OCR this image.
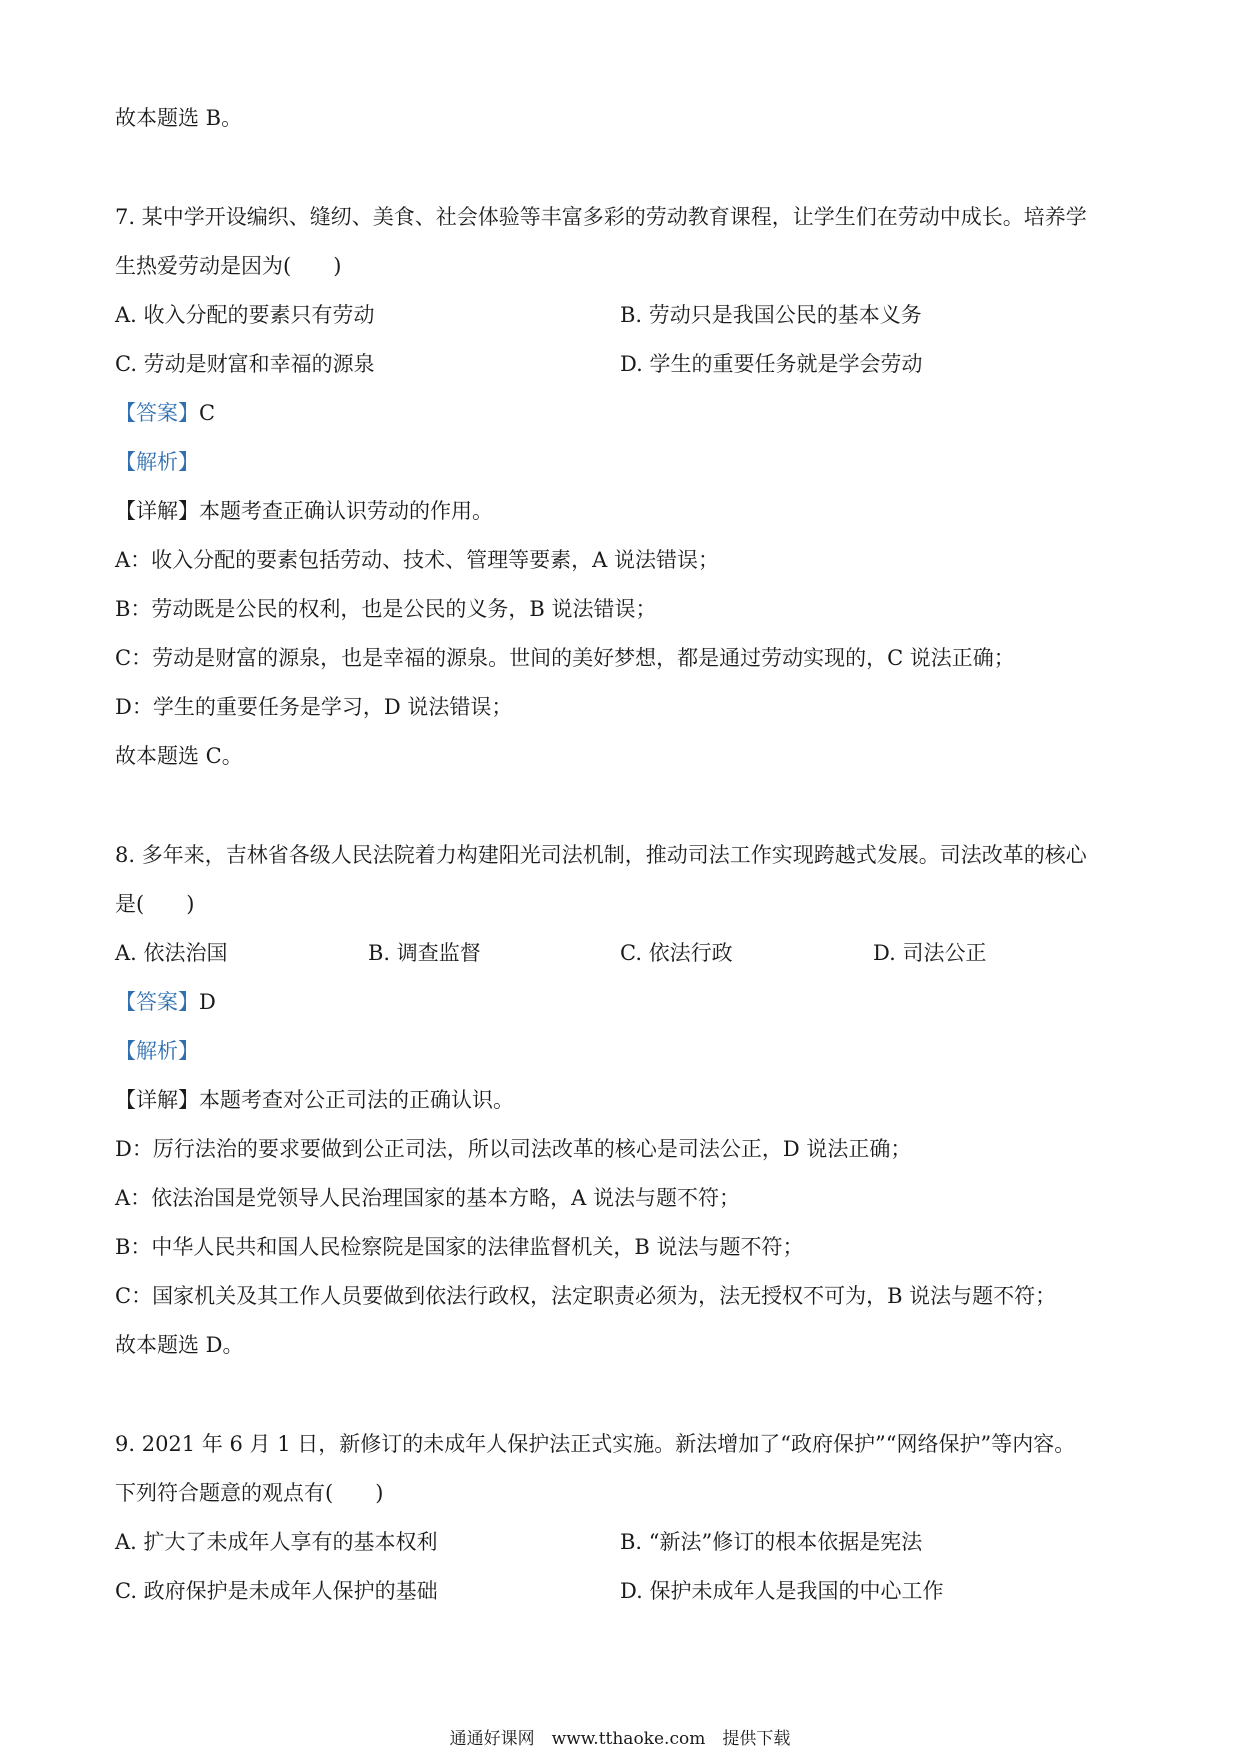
故本题选 B。
7. 某中学开设编织、缝纫、美食、社会体验等丰富多彩的劳动教育课程，让学生们在劳动中成长。培养学
生热爱劳动是因为(　　)
A. 收入分配的要素只有劳动	B. 劳动只是我国公民的基本义务
C. 劳动是财富和幸福的源泉	D. 学生的重要任务就是学会劳动
【答案】C
【解析】
【详解】本题考查正确认识劳动的作用。
A：收入分配的要素包括劳动、技术、管理等要素，A 说法错误；
B：劳动既是公民的权利，也是公民的义务，B 说法错误；
C：劳动是财富的源泉，也是幸福的源泉。世间的美好梦想，都是通过劳动实现的，C 说法正确；
D：学生的重要任务是学习，D 说法错误；
故本题选 C。
8. 多年来，吉林省各级人民法院着力构建阳光司法机制，推动司法工作实现跨越式发展。司法改革的核心
是(　　)
A. 依法治国	B. 调查监督	C. 依法行政	D. 司法公正
【答案】D
【解析】
【详解】本题考查对公正司法的正确认识。
D：厉行法治的要求要做到公正司法，所以司法改革的核心是司法公正，D 说法正确；
A：依法治国是党领导人民治理国家的基本方略，A 说法与题不符；
B：中华人民共和国人民检察院是国家的法律监督机关，B 说法与题不符；
C：国家机关及其工作人员要做到依法行政权，法定职责必须为，法无授权不可为，B 说法与题不符；
故本题选 D。
9. 2021 年 6 月 1 日，新修订的未成年人保护法正式实施。新法增加了“政府保护”“网络保护”等内容。
下列符合题意的观点有(　　)
A. 扩大了未成年人享有的基本权利	B. “新法”修订的根本依据是宪法
C. 政府保护是未成年人保护的基础	D. 保护未成年人是我国的中心工作
通通好课网　www.tthaoke.com　提供下载
